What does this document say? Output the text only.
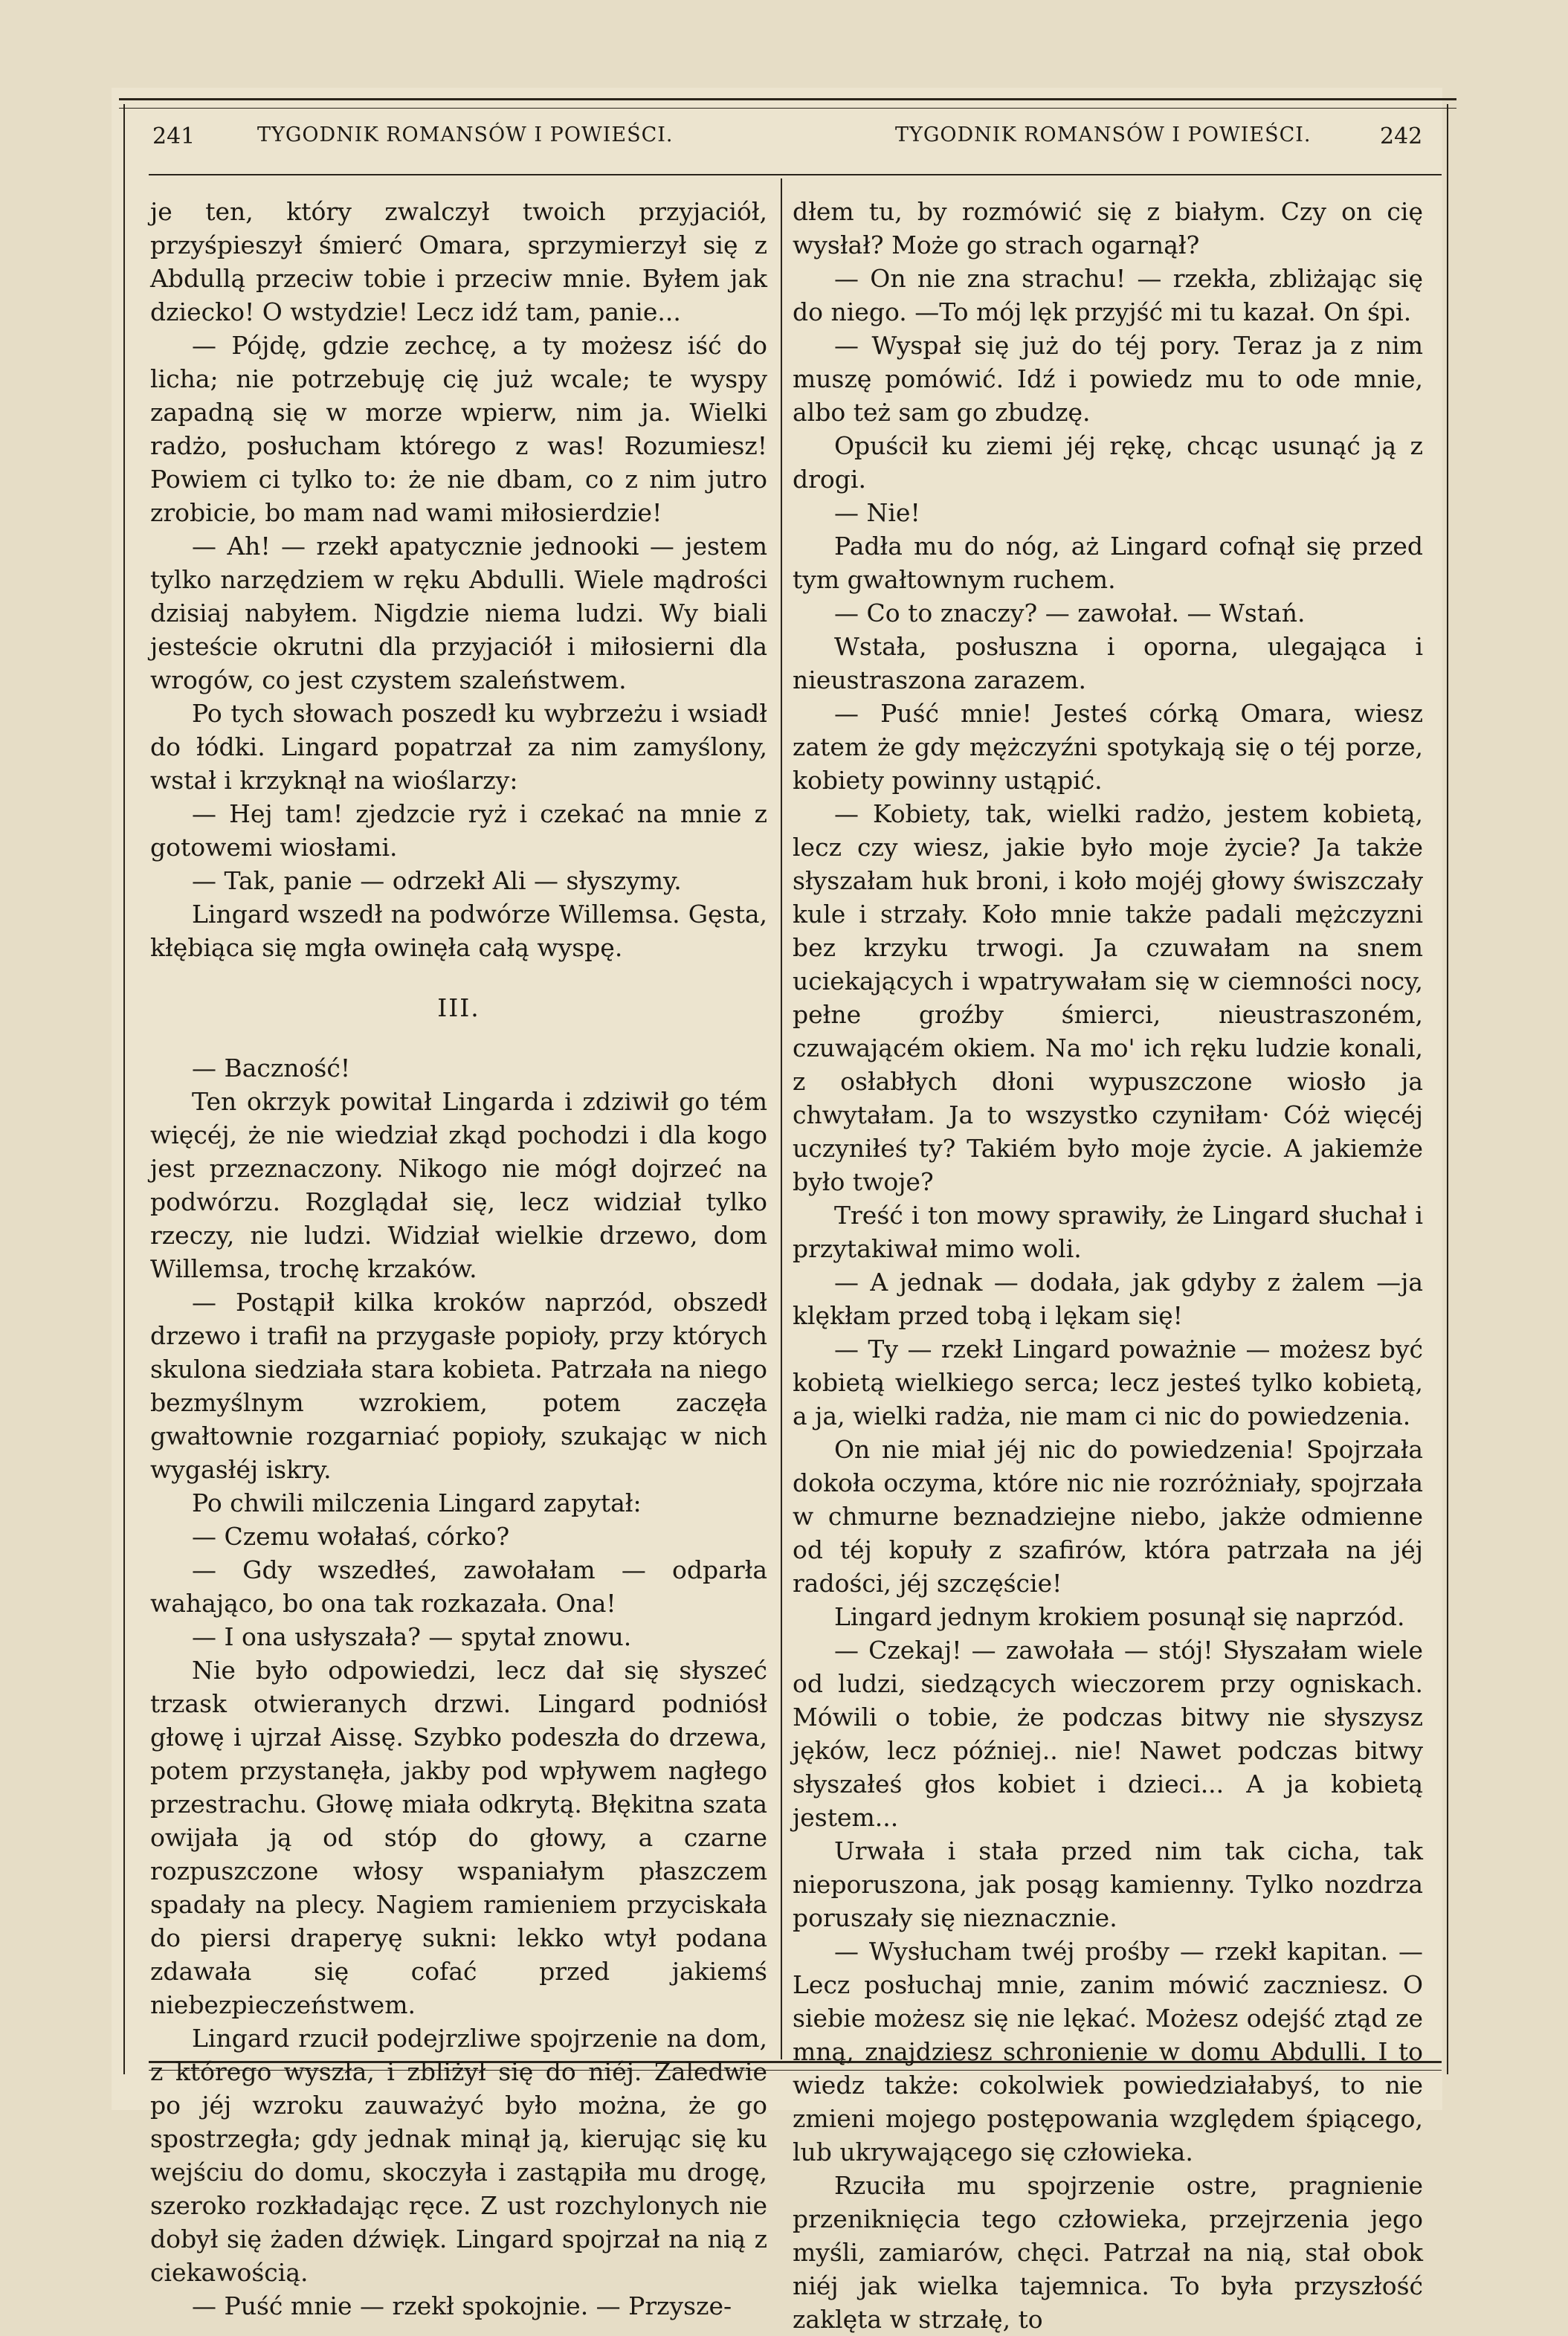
241	TYGODNIK ROMANSÓW I POWIEŚCI.	TYGODNIK ROMANSÓW I POWIEŚCI.	242

je ten, który zwalczył twoich przyjaciół, przyśpieszył śmierć Omara, sprzymierzył się z Abdullą przeciw tobie i przeciw mnie. Byłem jak dziecko! O wstydzie! Lecz idź tam, panie...

— Pójdę, gdzie zechcę, a ty możesz iść do licha; nie potrzebuję cię już wcale; te wyspy zapadną się w morze wpierw, nim ja. Wielki radżo, posłucham którego z was! Rozumiesz! Powiem ci tylko to: że nie dbam, co z nim jutro zrobicie, bo mam nad wami miłosierdzie!

— Ah! — rzekł apatycznie jednooki — jestem tylko narzędziem w ręku Abdulli. Wiele mądrości dzisiaj nabyłem. Nigdzie niema ludzi. Wy biali jesteście okrutni dla przyjaciół i miłosierni dla wrogów, co jest czystem szaleństwem.

Po tych słowach poszedł ku wybrzeżu i wsiadł do łódki. Lingard popatrzał za nim zamyślony, wstał i krzyknął na wioślarzy:

— Hej tam! zjedzcie ryż i czekać na mnie z gotowemi wiosłami.

— Tak, panie — odrzekł Ali — słyszymy.

Lingard wszedł na podwórze Willemsa. Gęsta, kłębiąca się mgła owinęła całą wyspę.

III.

— Baczność!

Ten okrzyk powitał Lingarda i zdziwił go tém więcéj, że nie wiedział zkąd pochodzi i dla kogo jest przeznaczony. Nikogo nie mógł dojrzeć na podwórzu. Rozglądał się, lecz widział tylko rzeczy, nie ludzi. Widział wielkie drzewo, dom Willemsa, trochę krzaków.

— Postąpił kilka kroków naprzód, obszedł drzewo i trafił na przygasłe popioły, przy których skulona siedziała stara kobieta. Patrzała na niego bezmyślnym wzrokiem, potem zaczęła gwałtownie rozgarniać popioły, szukając w nich wygasłéj iskry.

Po chwili milczenia Lingard zapytał:

— Czemu wołałaś, córko?

— Gdy wszedłeś, zawołałam — odparła wahająco, bo ona tak rozkazała. Ona!

— I ona usłyszała? — spytał znowu.

Nie było odpowiedzi, lecz dał się słyszeć trzask otwieranych drzwi. Lingard podniósł głowę i ujrzał Aissę. Szybko podeszła do drzewa, potem przystanęła, jakby pod wpływem nagłego przestrachu. Głowę miała odkrytą. Błękitna szata owijała ją od stóp do głowy, a czarne rozpuszczone włosy wspaniałym płaszczem spadały na plecy. Nagiem ramieniem przyciskała do piersi draperyę sukni: lekko wtył podana zdawała się cofać przed jakiemś niebezpieczeństwem.

Lingard rzucił podejrzliwe spojrzenie na dom, z którego wyszła, i zbliżył się do niéj. Zaledwie po jéj wzroku zauważyć było można, że go spostrzegła; gdy jednak minął ją, kierując się ku wejściu do domu, skoczyła i zastąpiła mu drogę, szeroko rozkładając ręce. Z ust rozchylonych nie dobył się żaden dźwięk. Lingard spojrzał na nią z ciekawością.

— Puść mnie — rzekł spokojnie. — Przysze-

dłem tu, by rozmówić się z białym. Czy on cię wysłał? Może go strach ogarnął?

— On nie zna strachu! — rzekła, zbliżając się do niego. —To mój lęk przyjść mi tu kazał. On śpi.

— Wyspał się już do téj pory. Teraz ja z nim muszę pomówić. Idź i powiedz mu to ode mnie, albo też sam go zbudzę.

Opuścił ku ziemi jéj rękę, chcąc usunąć ją z drogi.

— Nie!

Padła mu do nóg, aż Lingard cofnął się przed tym gwałtownym ruchem.

— Co to znaczy? — zawołał. — Wstań.

Wstała, posłuszna i oporna, ulegająca i nieustraszona zarazem.

— Puść mnie! Jesteś córką Omara, wiesz zatem że gdy mężczyźni spotykają się o téj porze, kobiety powinny ustąpić.

— Kobiety, tak, wielki radżo, jestem kobietą, lecz czy wiesz, jakie było moje życie? Ja także słyszałam huk broni, i koło mojéj głowy świszczały kule i strzały. Koło mnie także padali mężczyzni bez krzyku trwogi. Ja czuwałam na snem uciekających i wpatrywałam się w ciemności nocy, pełne groźby śmierci, nieustraszoném, czuwającém okiem. Na mo' ich ręku ludzie konali, z osłabłych dłoni wypuszczone wiosło ja chwytałam. Ja to wszystko czyniłam· Cóż więcéj uczyniłeś ty? Takiém było moje życie. A jakiemże było twoje?

Treść i ton mowy sprawiły, że Lingard słuchał i przytakiwał mimo woli.

— A jednak — dodała, jak gdyby z żalem —ja klękłam przed tobą i lękam się!

— Ty — rzekł Lingard poważnie — możesz być kobietą wielkiego serca; lecz jesteś tylko kobietą, a ja, wielki radża, nie mam ci nic do powiedzenia.

On nie miał jéj nic do powiedzenia! Spojrzała dokoła oczyma, które nic nie rozróżniały, spojrzała w chmurne beznadziejne niebo, jakże odmienne od téj kopuły z szafirów, która patrzała na jéj radości, jéj szczęście!

Lingard jednym krokiem posunął się naprzód.

— Czekaj! — zawołała — stój! Słyszałam wiele od ludzi, siedzących wieczorem przy ogniskach. Mówili o tobie, że podczas bitwy nie słyszysz jęków, lecz później.. nie! Nawet podczas bitwy słyszałeś głos kobiet i dzieci... A ja kobietą jestem...

Urwała i stała przed nim tak cicha, tak nieporuszona, jak posąg kamienny. Tylko nozdrza poruszały się nieznacznie.

— Wysłucham twéj prośby — rzekł kapitan. — Lecz posłuchaj mnie, zanim mówić zaczniesz. O siebie możesz się nie lękać. Możesz odejść ztąd ze mną, znajdziesz schronienie w domu Abdulli. I to wiedz także: cokolwiek powiedziałabyś, to nie zmieni mojego postępowania względem śpiącego, lub ukrywającego się człowieka.

Rzuciła mu spojrzenie ostre, pragnienie przeniknięcia tego człowieka, przejrzenia jego myśli, zamiarów, chęci. Patrzał na nią, stał obok niéj jak wielka tajemnica. To była przyszłość zaklęta w strzałę, to
